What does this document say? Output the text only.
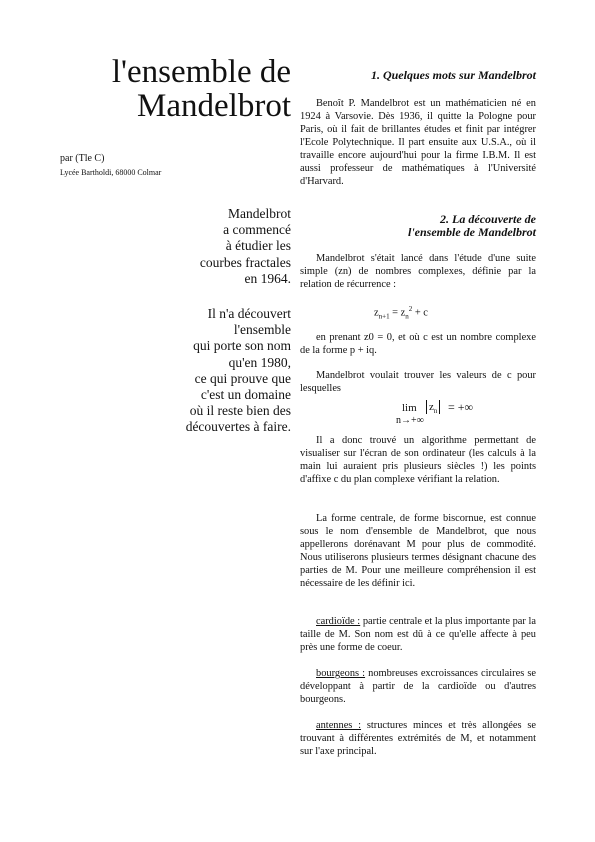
l'ensemble de
Mandelbrot
par (Tle C)
Lycée Bartholdi, 68000 Colmar
Mandelbrot
a commencé
à étudier les
courbes fractales
en 1964.
Il n'a découvert
l'ensemble
qui porte son nom
qu'en 1980,
ce qui prouve que
c'est un domaine
où il reste bien des
découvertes à faire.
1. Quelques mots sur Mandelbrot

Benoît P. Mandelbrot est un mathématicien né en 1924 à Varsovie. Dès 1936, il quitte la Pologne pour Paris, où il fait de brillantes études et finit par intégrer l'Ecole Polytechnique. Il part ensuite aux U.S.A., où il travaille encore aujourd'hui pour la firme I.B.M. Il est aussi professeur de mathématiques à l'Université d'Harvard.

2. La découverte de
l'ensemble de Mandelbrot

Mandelbrot s'était lancé dans l'étude d'une suite simple (zn) de nombres complexes, définie par la relation de récurrence :

$z_{n+1} = z_n^2 + c$

en prenant z0 = 0, et où c est un nombre complexe de la forme p + iq.

Mandelbrot voulait trouver les valeurs de c pour lesquelles

$\lim z_n$ = +∞
n→+∞

Il a donc trouvé un algorithme permettant de visualiser sur l'écran de son ordinateur (les calculs à la main lui auraient pris plusieurs siècles !) les points d'affixe c du plan complexe vérifiant la relation.

La forme centrale, de forme biscornue, est connue sous le nom d'ensemble de Mandelbrot, que nous appellerons dorénavant M pour plus de commodité. Nous utiliserons plusieurs termes désignant chacune des parties de M. Pour une meilleure compréhension il est nécessaire de les définir ici.

cardioïde : partie centrale et la plus importante par la taille de M. Son nom est dû à ce qu'elle affecte à peu près une forme de coeur.

bourgeons : nombreuses excroissances circulaires se développant à partir de la cardioïde ou d'autres bourgeons.

antennes : structures minces et très allongées se trouvant à différentes extrémités de M, et notamment sur l'axe principal.
